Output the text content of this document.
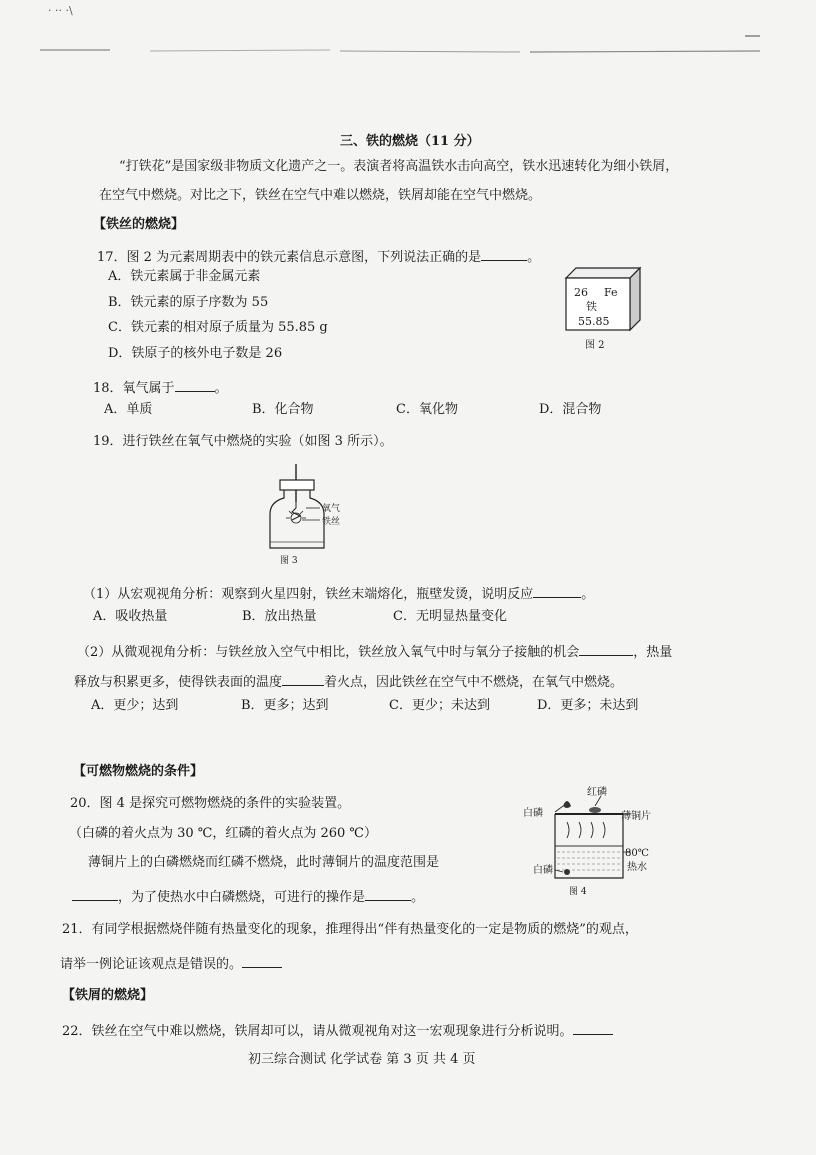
· ·· ·\
三、铁的燃烧（11 分）
“打铁花”是国家级非物质文化遗产之一。表演者将高温铁水击向高空，铁水迅速转化为细小铁屑，
在空气中燃烧。对比之下，铁丝在空气中难以燃烧，铁屑却能在空气中燃烧。
【铁丝的燃烧】
17．图 2 为元素周期表中的铁元素信息示意图，下列说法正确的是	。
A．铁元素属于非金属元素
B．铁元素的原子序数为 55
C．铁元素的相对原子质量为 55.85 g
D．铁原子的核外电子数是 26
26 Fe
铁
55.85
图 2
18．氧气属于	。
A．单质	B．化合物	C．氧化物	D．混合物
19．进行铁丝在氧气中燃烧的实验（如图 3 所示）。
氧气
铁丝
图 3
（1）从宏观视角分析：观察到火星四射，铁丝末端熔化，瓶壁发烫，说明反应	。
A．吸收热量	B．放出热量	C．无明显热量变化
（2）从微观视角分析：与铁丝放入空气中相比，铁丝放入氧气中时与氧分子接触的机会	，热量
释放与积累更多，使得铁表面的温度	着火点，因此铁丝在空气中不燃烧，在氧气中燃烧。
A．更少；达到	B．更多；达到	C．更少；未达到	D．更多；未达到
【可燃物燃烧的条件】
20．图 4 是探究可燃物燃烧的条件的实验装置。
（白磷的着火点为 30 ℃，红磷的着火点为 260 ℃）
薄铜片上的白磷燃烧而红磷不燃烧，此时薄铜片的温度范围是
，为了使热水中白磷燃烧，可进行的操作是	。
红磷
白磷	薄铜片
80℃
热水
白磷
图 4
21．有同学根据燃烧伴随有热量变化的现象，推理得出“伴有热量变化的一定是物质的燃烧”的观点，
请举一例论证该观点是错误的。
【铁屑的燃烧】
22．铁丝在空气中难以燃烧，铁屑却可以，请从微观视角对这一宏观现象进行分析说明。
初三综合测试 化学试卷 第 3 页 共 4 页
